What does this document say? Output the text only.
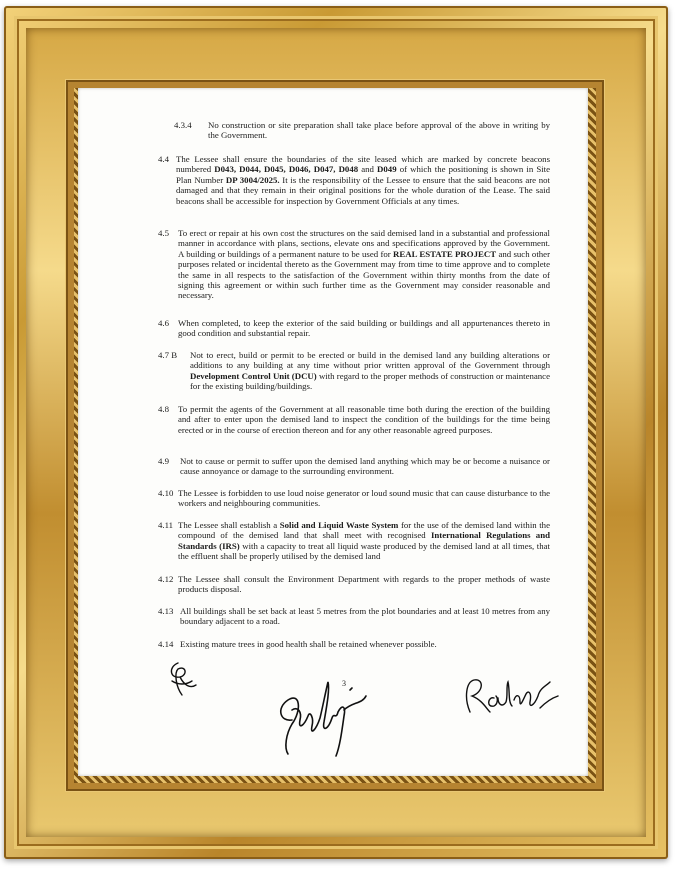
4.3.4 No construction or site preparation shall take place before approval of the above in writing by the Government.
4.4 The Lessee shall ensure the boundaries of the site leased which are marked by concrete beacons numbered D043, D044, D045, D046, D047, D048 and D049 of which the positioning is shown in Site Plan Number DP 3004/2025. It is the responsibility of the Lessee to ensure that the said beacons are not damaged and that they remain in their original positions for the whole duration of the Lease. The said beacons shall be accessible for inspection by Government Officials at any times.
4.5 To erect or repair at his own cost the structures on the said demised land in a substantial and professional manner in accordance with plans, sections, elevate ons and specifications approved by the Government. A building or buildings of a permanent nature to be used for REAL ESTATE PROJECT and such other purposes related or incidental thereto as the Government may from time to time approve and to complete the same in all respects to the satisfaction of the Government within thirty months from the date of signing this agreement or within such further time as the Government may consider reasonable and necessary.
4.6 When completed, to keep the exterior of the said building or buildings and all appurtenances thereto in good condition and substantial repair.
4.7 B Not to erect, build or permit to be erected or build in the demised land any building alterations or additions to any building at any time without prior written approval of the Government through Development Control Unit (DCU) with regard to the proper methods of construction or maintenance for the existing building/buildings.
4.8 To permit the agents of the Government at all reasonable time both during the erection of the building and after to enter upon the demised land to inspect the condition of the buildings for the time being erected or in the course of erection thereon and for any other reasonable agreed purposes.
4.9 Not to cause or permit to suffer upon the demised land anything which may be or become a nuisance or cause annoyance or damage to the surrounding environment.
4.10 The Lessee is forbidden to use loud noise generator or loud sound music that can cause disturbance to the workers and neighbouring communities.
4.11 The Lessee shall establish a Solid and Liquid Waste System for the use of the demised land within the compound of the demised land that shall meet with recognised International Regulations and Standards (IRS) with a capacity to treat all liquid waste produced by the demised land at all times, that the effluent shall be properly utilised by the demised land
4.12 The Lessee shall consult the Environment Department with regards to the proper methods of waste products disposal.
4.13 All buildings shall be set back at least 5 metres from the plot boundaries and at least 10 metres from any boundary adjacent to a road.
4.14 Existing mature trees in good health shall be retained whenever possible.
3
